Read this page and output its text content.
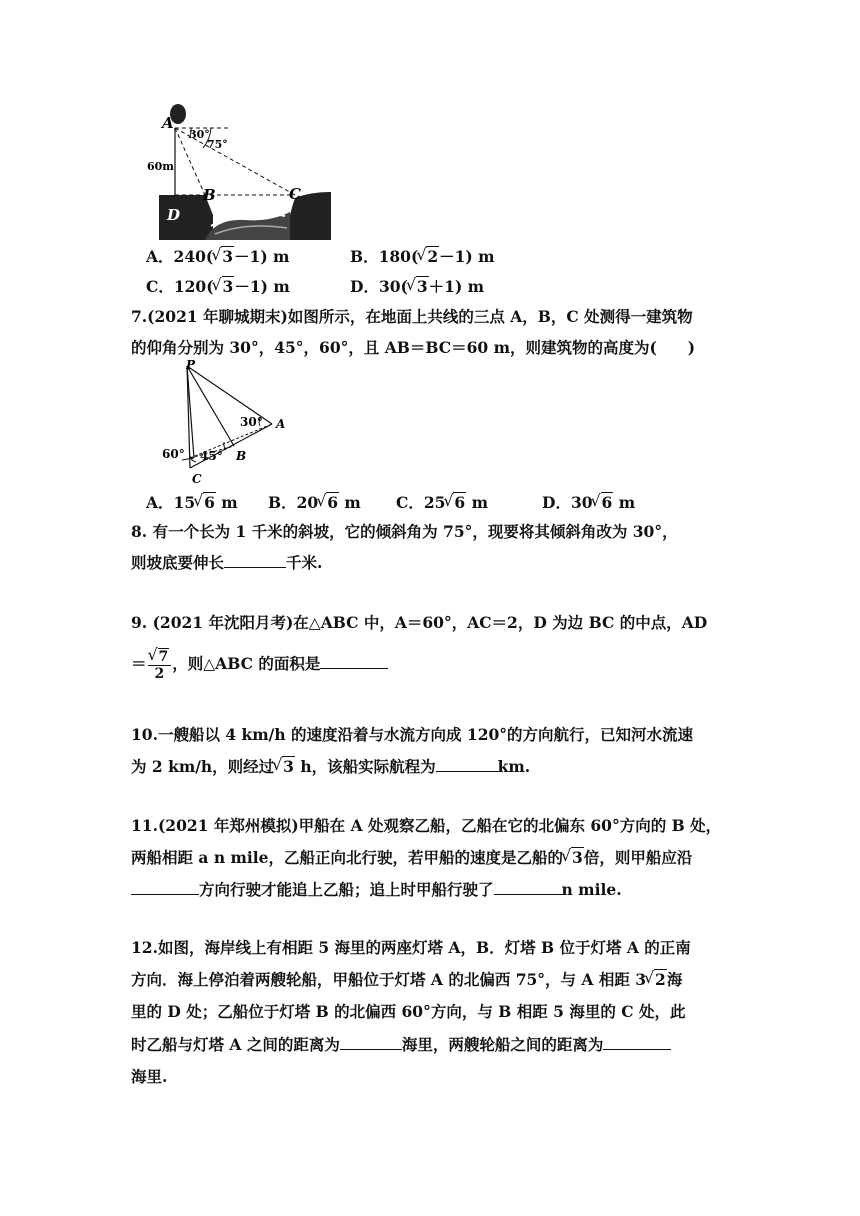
A
30°
75°
60m
B	C
D
A．240( √ 3－1) m	B．180( √ 2－1) m
C．120( √ 3－1) m	D．30( √ 3＋1) m
7.(2021 年聊城期末)如图所示，在地面上共线的三点 A，B，C 处测得一建筑物
的仰角分别为 30°，45°，60°，且 AB＝BC＝60 m，则建筑物的高度为(　　)
P
30° A
60° 45° B
C
A．15 √ 6 m B．20 √ 6 m C．25 √ 6 m	D．30 √ 6 m
8. 有一个长为 1 千米的斜坡，它的倾斜角为 75°，现要将其倾斜角改为 30°，
则坡底要伸长	千米.
9. (2021 年沈阳月考)在△ABC 中，A＝60°，AC＝2，D 为边 BC 的中点，AD
＝ √ $\frac{7}{2}$ ，则△ABC 的面积是
10.一艘船以 4 km/h 的速度沿着与水流方向成 120°的方向航行，已知河水流速
为 2 km/h，则经过 √ 3 h，该船实际航程为	km.
11.(2021 年郑州模拟)甲船在 A 处观察乙船，乙船在它的北偏东 60°方向的 B 处，
两船相距 a n mile，乙船正向北行驶，若甲船的速度是乙船的 √ 3倍，则甲船应沿
方向行驶才能追上乙船；追上时甲船行驶了	n mile.
12.如图，海岸线上有相距 5 海里的两座灯塔 A，B．灯塔 B 位于灯塔 A 的正南
方向．海上停泊着两艘轮船，甲船位于灯塔 A 的北偏西 75°，与 A 相距 3 √ 2海
里的 D 处；乙船位于灯塔 B 的北偏西 60°方向，与 B 相距 5 海里的 C 处，此
时乙船与灯塔 A 之间的距离为	海里，两艘轮船之间的距离为
海里.
